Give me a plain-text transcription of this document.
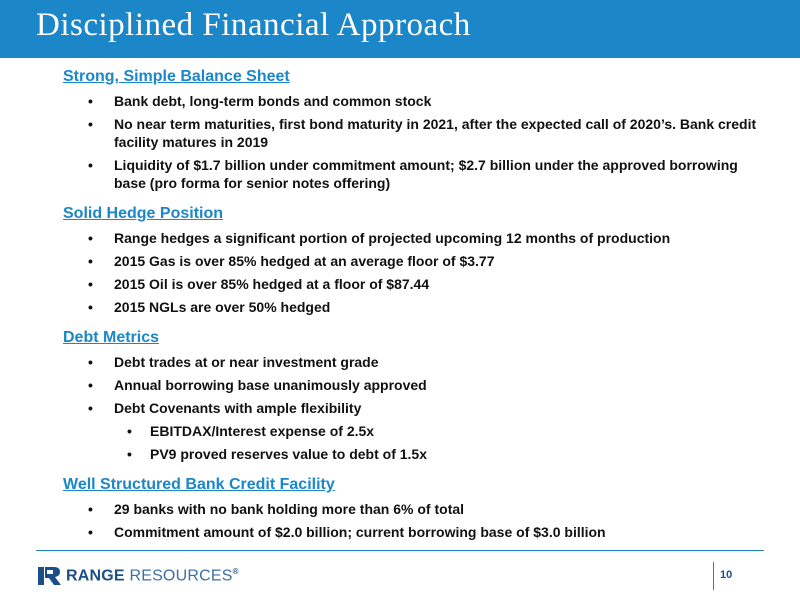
Disciplined Financial Approach
Strong, Simple Balance Sheet
• Bank debt, long-term bonds and common stock
• No near term maturities, first bond maturity in 2021, after the expected call of 2020’s. Bank credit facility matures in 2019
• Liquidity of $1.7 billion under commitment amount; $2.7 billion under the approved borrowing base (pro forma for senior notes offering)
Solid Hedge Position
• Range hedges a significant portion of projected upcoming 12 months of production
• 2015 Gas is over 85% hedged at an average floor of $3.77
• 2015 Oil is over 85% hedged at a floor of $87.44
• 2015 NGLs are over 50% hedged
Debt Metrics
• Debt trades at or near investment grade
• Annual borrowing base unanimously approved
• Debt Covenants with ample flexibility
• EBITDAX/Interest expense of 2.5x
• PV9 proved reserves value to debt of 1.5x
Well Structured Bank Credit Facility
• 29 banks with no bank holding more than 6% of total
• Commitment amount of $2.0 billion; current borrowing base of $3.0 billion
RANGE RESOURCES®	10
